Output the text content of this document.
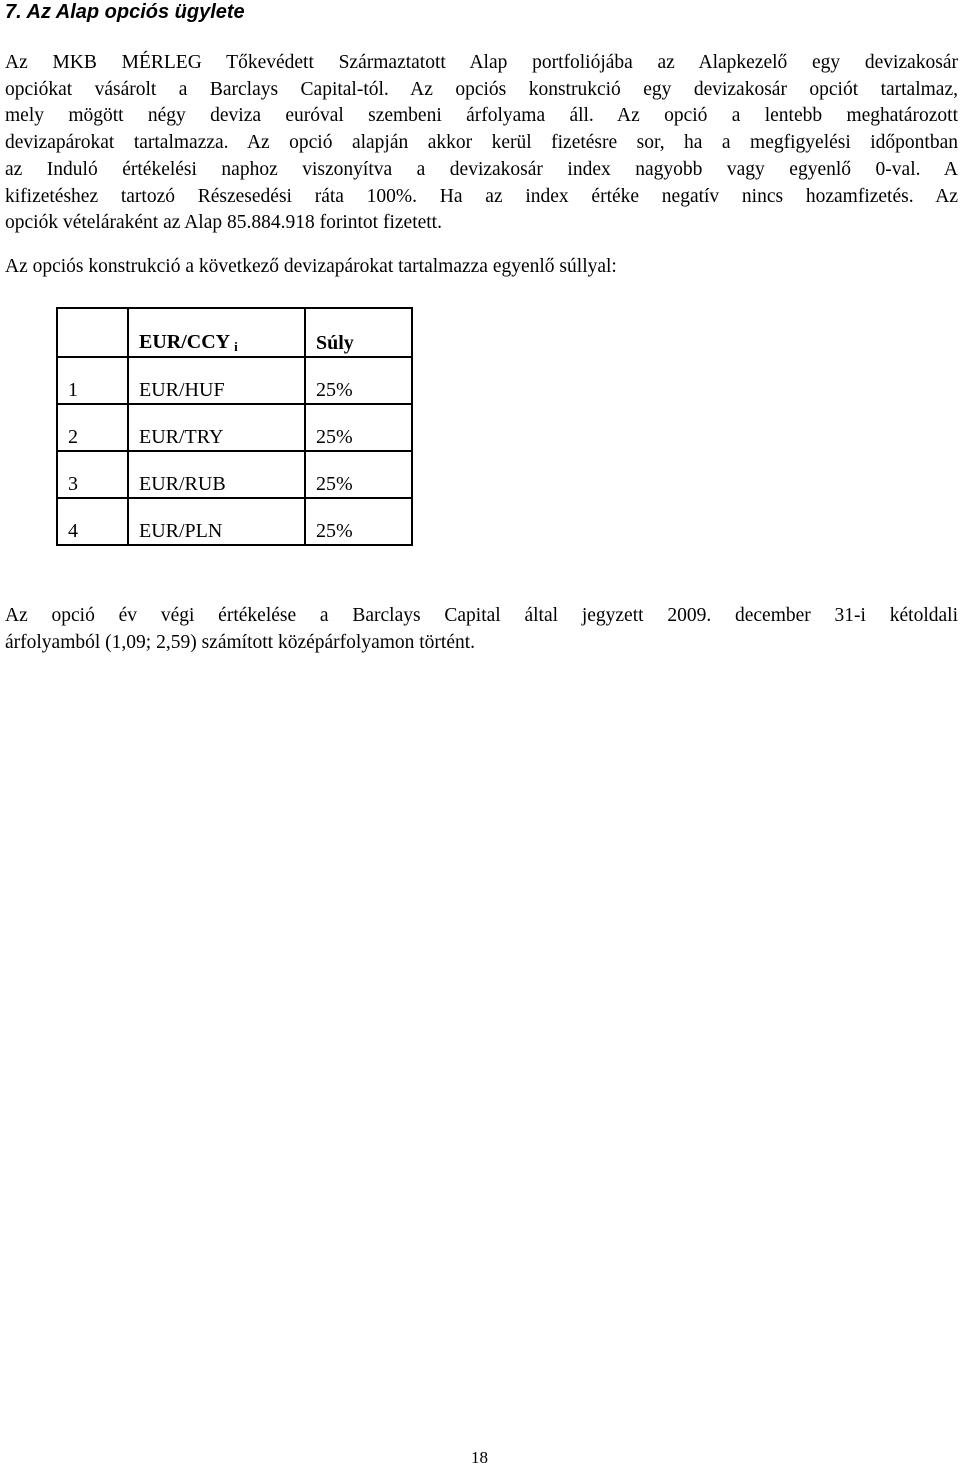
7. Az Alap opciós ügylete

Az MKB MÉRLEG Tőkevédett Származtatott Alap portfoliójába az Alapkezelő egy devizakosár
opciókat vásárolt a Barclays Capital-tól. Az opciós konstrukció egy devizakosár opciót tartalmaz,
mely mögött négy deviza euróval szembeni árfolyama áll. Az opció a lentebb meghatározott
devizapárokat tartalmazza. Az opció alapján akkor kerül fizetésre sor, ha a megfigyelési időpontban
az Induló értékelési naphoz viszonyítva a devizakosár index nagyobb vagy egyenlő 0-val. A
kifizetéshez tartozó Részesedési ráta 100%. Ha az index értéke negatív nincs hozamfizetés. Az
opciók vételáraként az Alap 85.884.918 forintot fizetett.

Az opciós konstrukció a következő devizapárokat tartalmazza egyenlő súllyal:

	EUR/CCY $_i$	Súly
1	EUR/HUF	25%
2	EUR/TRY	25%
3	EUR/RUB	25%
4	EUR/PLN	25%

Az opció év végi értékelése a Barclays Capital által jegyzett 2009. december 31-i kétoldali
árfolyamból (1,09; 2,59) számított középárfolyamon történt.

18
